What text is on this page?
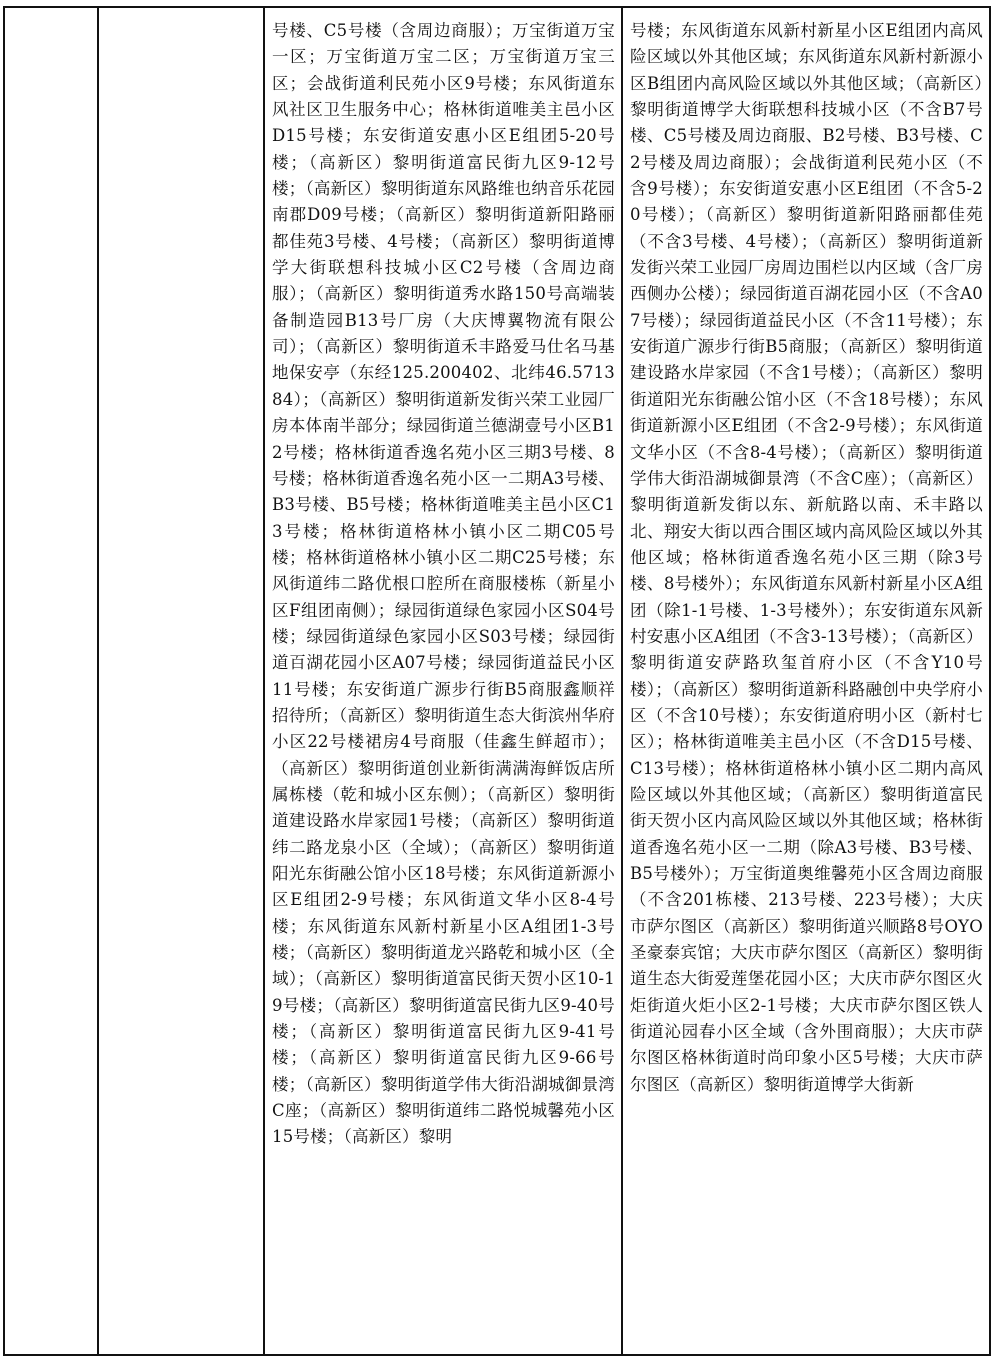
号楼、C5号楼（含周边商服）；万宝街道万宝一区；万宝街道万宝二区；万宝街道万宝三区；会战街道利民苑小区9号楼；东风街道东风社区卫生服务中心；格林街道唯美主邑小区D15号楼；东安街道安惠小区E组团5-20号楼；（高新区）黎明街道富民街九区9-12号楼；（高新区）黎明街道东风路维也纳音乐花园南郡D09号楼；（高新区）黎明街道新阳路丽都佳苑3号楼、4号楼；（高新区）黎明街道博学大街联想科技城小区C2号楼（含周边商服）；（高新区）黎明街道秀水路150号高端装备制造园B13号厂房（大庆博翼物流有限公司）；（高新区）黎明街道禾丰路爱马仕名马基地保安亭（东经125.200402、北纬46.571384）；（高新区）黎明街道新发街兴荣工业园厂房本体南半部分；绿园街道兰德湖壹号小区B12号楼；格林街道香逸名苑小区三期3号楼、8号楼；格林街道香逸名苑小区一二期A3号楼、B3号楼、B5号楼；格林街道唯美主邑小区C13号楼；格林街道格林小镇小区二期C05号楼；格林街道格林小镇小区二期C25号楼；东风街道纬二路优根口腔所在商服楼栋（新星小区F组团南侧）；绿园街道绿色家园小区S04号楼；绿园街道绿色家园小区S03号楼；绿园街道百湖花园小区A07号楼；绿园街道益民小区11号楼；东安街道广源步行街B5商服鑫顺祥招待所；（高新区）黎明街道生态大街滨州华府小区22号楼裙房4号商服（佳鑫生鲜超市）；（高新区）黎明街道创业新街满满海鲜饭店所属栋楼（乾和城小区东侧）；（高新区）黎明街道建设路水岸家园1号楼；（高新区）黎明街道纬二路龙泉小区（全域）；（高新区）黎明街道阳光东街融公馆小区18号楼；东风街道新源小区E组团2-9号楼；东风街道文华小区8-4号楼；东风街道东风新村新星小区A组团1-3号楼；（高新区）黎明街道龙兴路乾和城小区（全域）；（高新区）黎明街道富民街天贺小区10-19号楼；（高新区）黎明街道富民街九区9-40号楼；（高新区）黎明街道富民街九区9-41号楼；（高新区）黎明街道富民街九区9-66号楼；（高新区）黎明街道学伟大街沿湖城御景湾C座；（高新区）黎明街道纬二路悦城馨苑小区15号楼；（高新区）黎明

号楼；东风街道东风新村新星小区E组团内高风险区域以外其他区域；东风街道东风新村新源小区B组团内高风险区域以外其他区域；（高新区）黎明街道博学大街联想科技城小区（不含B7号楼、C5号楼及周边商服、B2号楼、B3号楼、C2号楼及周边商服）；会战街道利民苑小区（不含9号楼）；东安街道安惠小区E组团（不含5-20号楼）；（高新区）黎明街道新阳路丽都佳苑（不含3号楼、4号楼）；（高新区）黎明街道新发街兴荣工业园厂房周边围栏以内区域（含厂房西侧办公楼）；绿园街道百湖花园小区（不含A07号楼）；绿园街道益民小区（不含11号楼）；东安街道广源步行街B5商服；（高新区）黎明街道建设路水岸家园（不含1号楼）；（高新区）黎明街道阳光东街融公馆小区（不含18号楼）；东风街道新源小区E组团（不含2-9号楼）；东风街道文华小区（不含8-4号楼）；（高新区）黎明街道学伟大街沿湖城御景湾（不含C座）；（高新区）黎明街道新发街以东、新航路以南、禾丰路以北、翔安大街以西合围区域内高风险区域以外其他区域；格林街道香逸名苑小区三期（除3号楼、8号楼外）；东风街道东风新村新星小区A组团（除1-1号楼、1-3号楼外）；东安街道东风新村安惠小区A组团（不含3-13号楼）；（高新区）黎明街道安萨路玖玺首府小区（不含Y10号楼）；（高新区）黎明街道新科路融创中央学府小区（不含10号楼）；东安街道府明小区（新村七区）；格林街道唯美主邑小区（不含D15号楼、C13号楼）；格林街道格林小镇小区二期内高风险区域以外其他区域；（高新区）黎明街道富民街天贺小区内高风险区域以外其他区域；格林街道香逸名苑小区一二期（除A3号楼、B3号楼、B5号楼外）；万宝街道奥维馨苑小区含周边商服（不含201栋楼、213号楼、223号楼）；大庆市萨尔图区（高新区）黎明街道兴顺路8号OYO圣豪泰宾馆；大庆市萨尔图区（高新区）黎明街道生态大街爱莲堡花园小区；大庆市萨尔图区火炬街道火炬小区2-1号楼；大庆市萨尔图区铁人街道沁园春小区全域（含外围商服）；大庆市萨尔图区格林街道时尚印象小区5号楼；大庆市萨尔图区（高新区）黎明街道博学大街新
